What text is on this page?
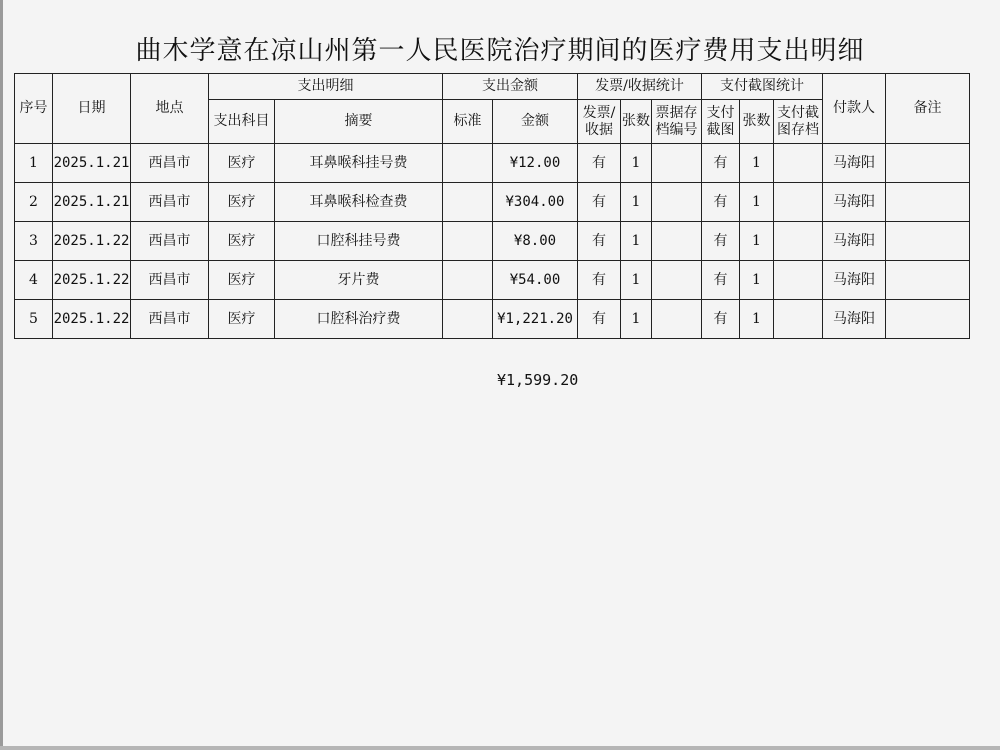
曲木学意在凉山州第一人民医院治疗期间的医疗费用支出明细
序号	日期	地点	支出明细		支出金额		发票/收据统计			支付截图统计			付款人	备注
			支出科目	摘要	标准	金额	发票/收据	张数	票据存档编号	支付截图	张数	支付截图存档		
1	2025.1.21	西昌市	医疗	耳鼻喉科挂号费		¥12.00	有	1		有	1		马海阳	
2	2025.1.21	西昌市	医疗	耳鼻喉科检查费		¥304.00	有	1		有	1		马海阳	
3	2025.1.22	西昌市	医疗	口腔科挂号费		¥8.00	有	1		有	1		马海阳	
4	2025.1.22	西昌市	医疗	牙片费		¥54.00	有	1		有	1		马海阳	
5	2025.1.22	西昌市	医疗	口腔科治疗费		¥1,221.20	有	1		有	1		马海阳	
¥1,599.20
